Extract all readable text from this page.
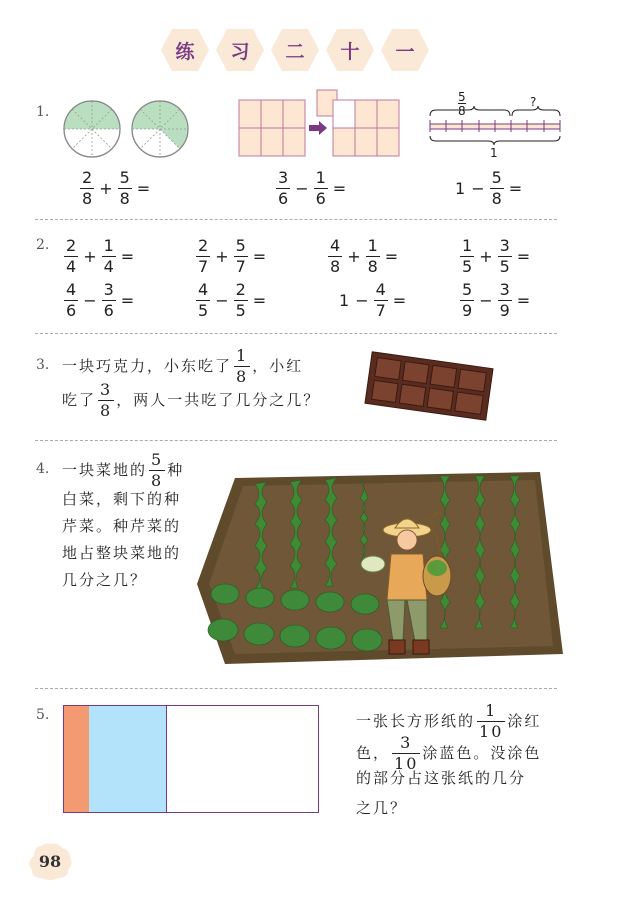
练	习	二	十	一
1.	$\frac{5}{8}$	?
1
$\frac{2}{8} + \frac{5}{8}$ =	$\frac{3}{6} - \frac{1}{6}$ =	$1 - \frac{5}{8}$ =
2. $\frac{2}{4} + \frac{1}{4}$ =	$\frac{2}{7} + \frac{5}{7}$ =	$\frac{4}{8} + \frac{1}{8}$ =	$\frac{1}{5} + \frac{3}{5}$ =
$\frac{4}{6} - \frac{3}{6}$ =	$\frac{4}{5} - \frac{2}{5}$ =	$1 - \frac{4}{7}$ =	$\frac{5}{9} - \frac{3}{9}$ =
3. 一块巧克力，小东吃了 $\frac{1}{8}$ ，小红
吃了 $\frac{3}{8}$ ，两人一共吃了几分之几？
4. 一块菜地的 $\frac{5}{8}$ 种
白菜，剩下的种
芹菜。种芹菜的
地占整块菜地的
几分之几？
5.	一张长方形纸的 $\frac{1}{10}$ 涂红
色， $\frac{3}{10}$ 涂蓝色。没涂色
的部分占这张纸的几分
之几？
98
